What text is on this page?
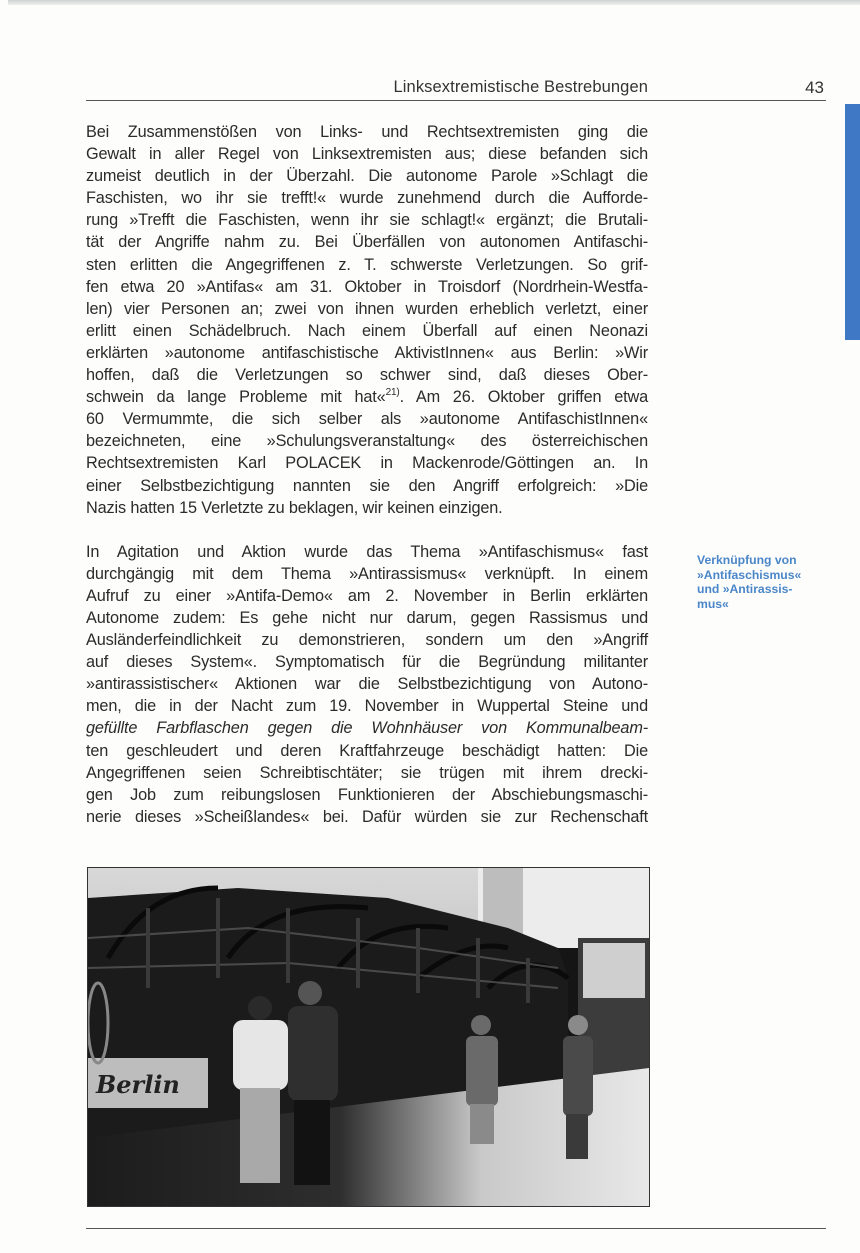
Linksextremistische Bestrebungen	43
Bei Zusammenstößen von Links- und Rechtsextremisten ging die
Gewalt in aller Regel von Linksextremisten aus; diese befanden sich
zumeist deutlich in der Überzahl. Die autonome Parole »Schlagt die
Faschisten, wo ihr sie trefft!« wurde zunehmend durch die Aufforde-
rung »Trefft die Faschisten, wenn ihr sie schlagt!« ergänzt; die Brutali-
tät der Angriffe nahm zu. Bei Überfällen von autonomen Antifaschi-
sten erlitten die Angegriffenen z. T. schwerste Verletzungen. So grif-
fen etwa 20 »Antifas« am 31. Oktober in Troisdorf (Nordrhein-Westfa-
len) vier Personen an; zwei von ihnen wurden erheblich verletzt, einer
erlitt einen Schädelbruch. Nach einem Überfall auf einen Neonazi
erklärten »autonome antifaschistische AktivistInnen« aus Berlin: »Wir
hoffen, daß die Verletzungen so schwer sind, daß dieses Ober-
schwein da lange Probleme mit hat«$^{21)}$. Am 26. Oktober griffen etwa
60 Vermummte, die sich selber als »autonome AntifaschistInnen«
bezeichneten, eine »Schulungsveranstaltung« des österreichischen
Rechtsextremisten Karl POLACEK in Mackenrode/Göttingen an. In
einer Selbstbezichtigung nannten sie den Angriff erfolgreich: »Die
Nazis hatten 15 Verletzte zu beklagen, wir keinen einzigen.
In Agitation und Aktion wurde das Thema »Antifaschismus« fast
durchgängig mit dem Thema »Antirassismus« verknüpft. In einem
Aufruf zu einer »Antifa-Demo« am 2. November in Berlin erklärten
Autonome zudem: Es gehe nicht nur darum, gegen Rassismus und
Ausländerfeindlichkeit zu demonstrieren, sondern um den »Angriff
auf dieses System«. Symptomatisch für die Begründung militanter
»antirassistischer« Aktionen war die Selbstbezichtigung von Autono-
men, die in der Nacht zum 19. November in Wuppertal Steine und
gefüllte Farbflaschen gegen die Wohnhäuser von Kommunalbeam-
ten geschleudert und deren Kraftfahrzeuge beschädigt hatten: Die
Angegriffenen seien Schreibtischtäter; sie trügen mit ihrem drecki-
gen Job zum reibungslosen Funktionieren der Abschiebungsmaschi-
nerie dieses »Scheißlandes« bei. Dafür würden sie zur Rechenschaft
Verknüpfung von
»Antifaschismus«
und »Antirassis-
mus«
Berlin
